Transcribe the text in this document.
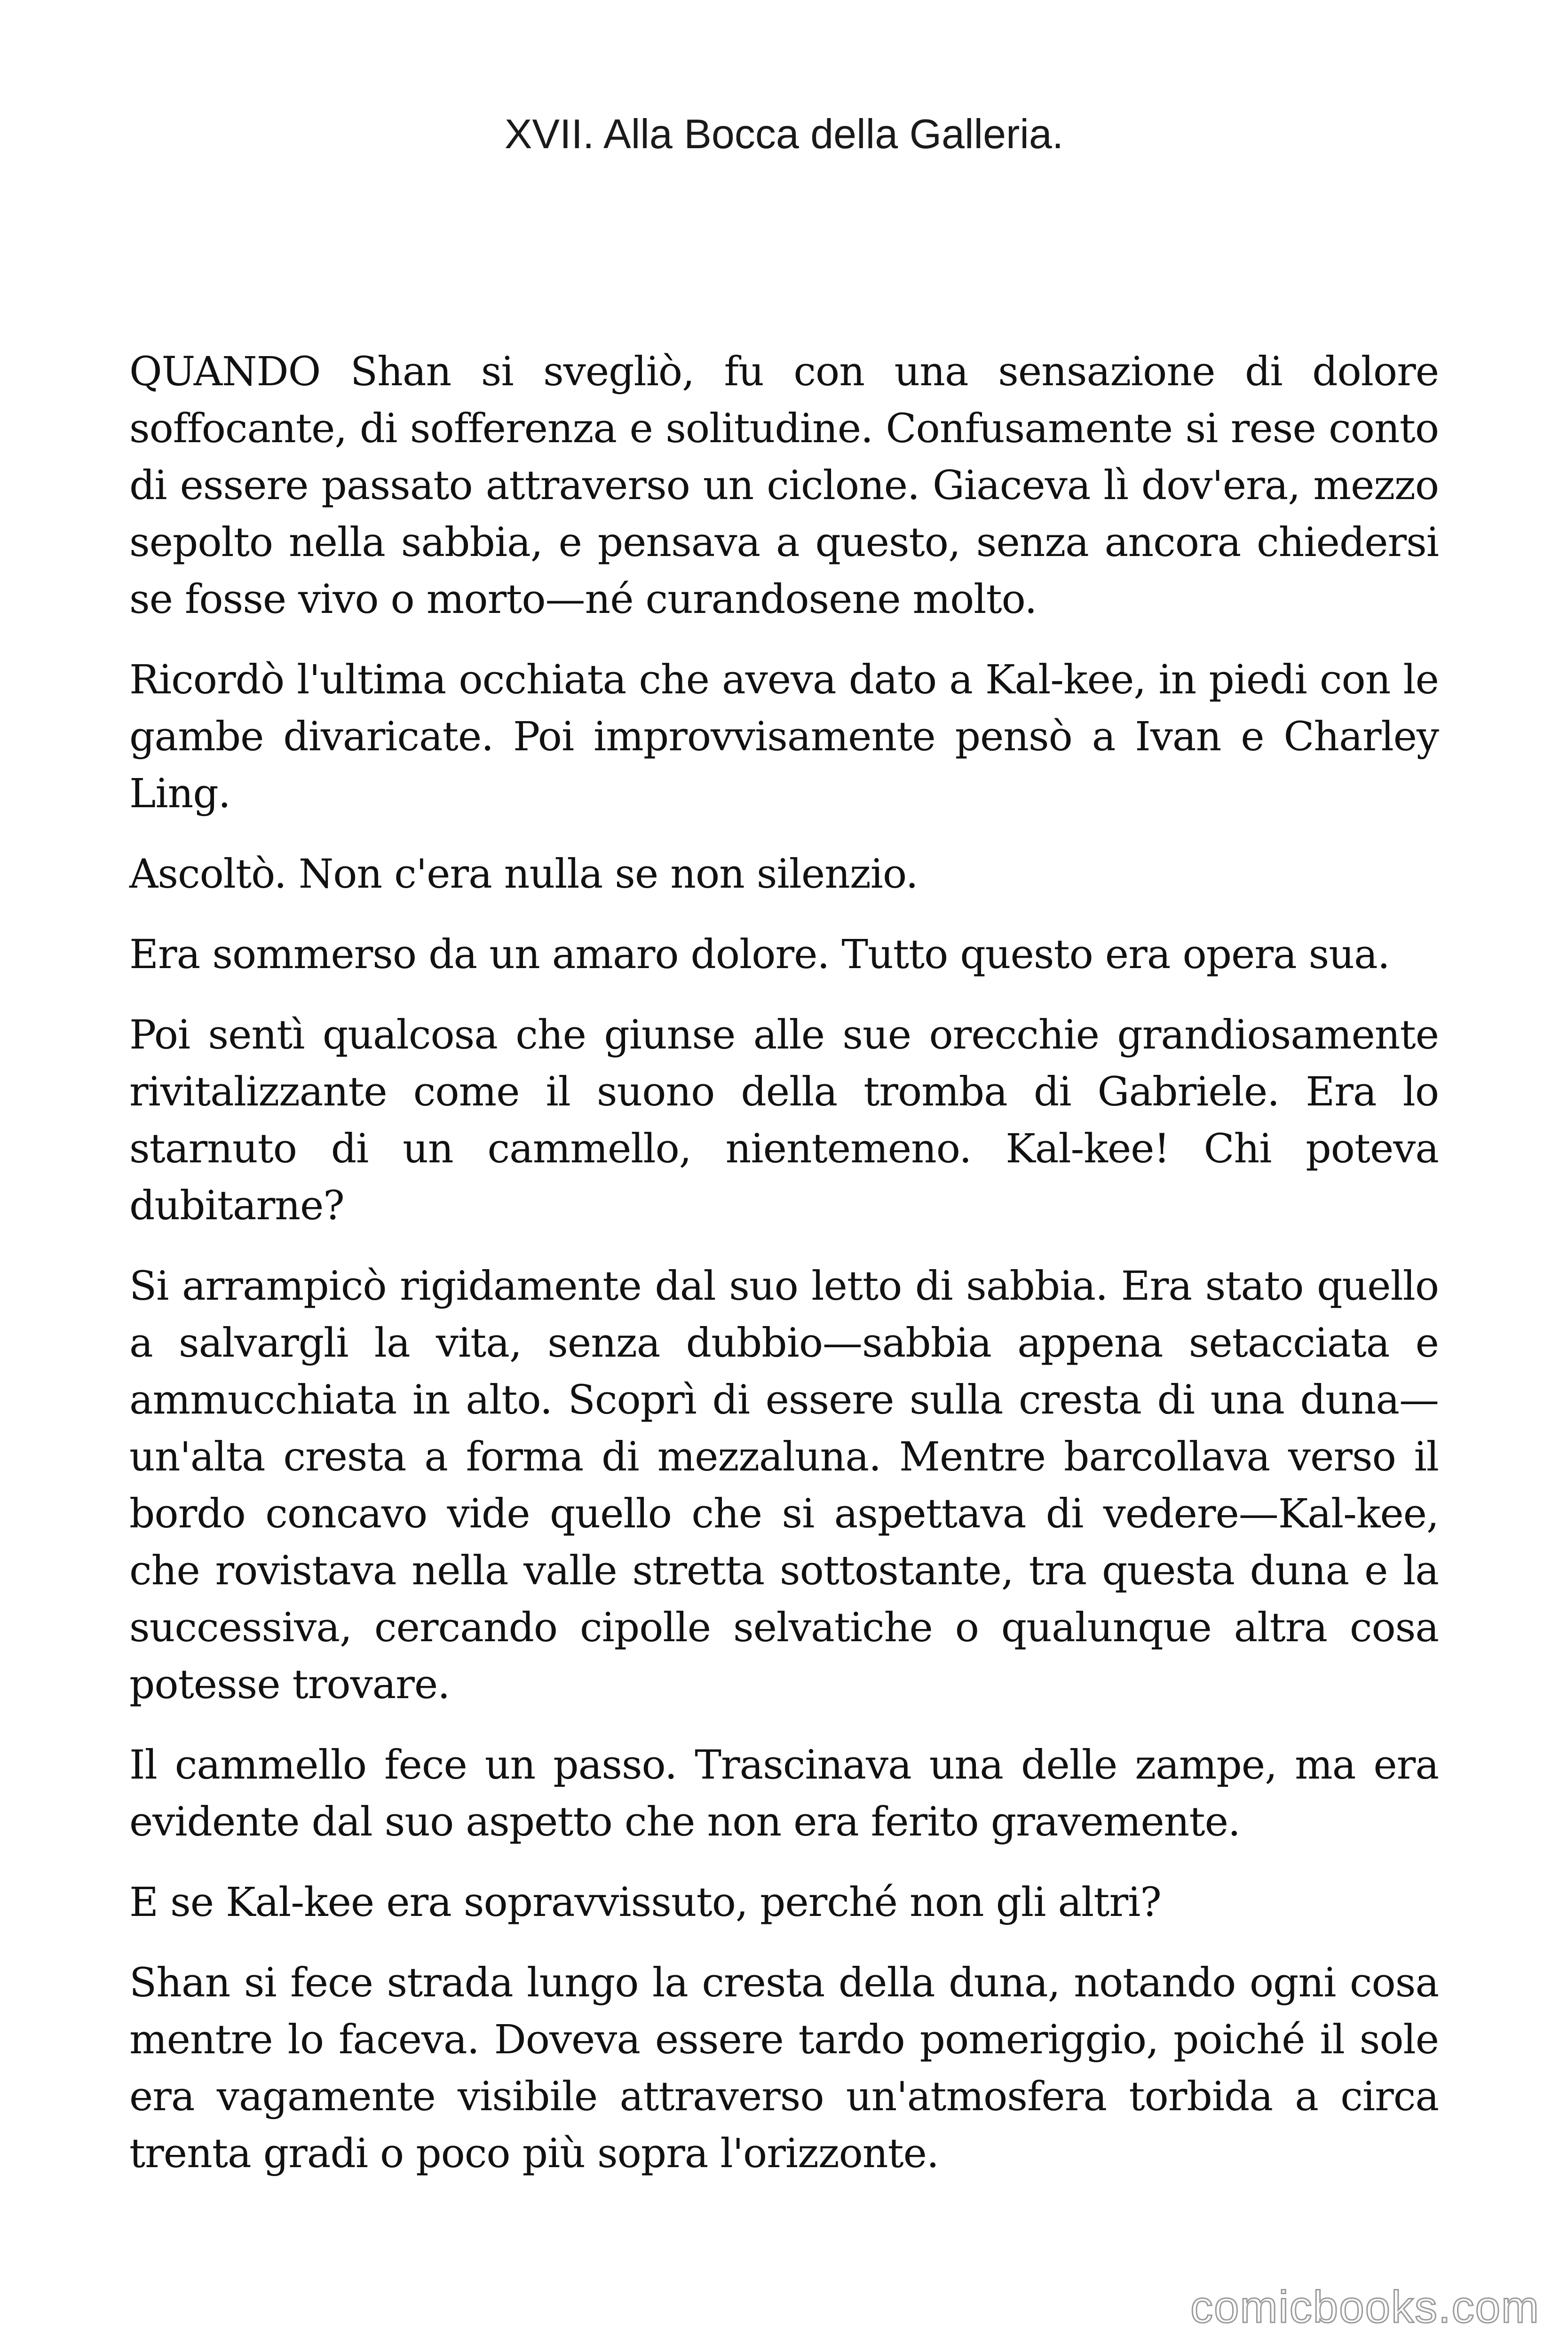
XVII. Alla Bocca della Galleria.

QUANDO Shan si svegliò, fu con una sensazione di dolore soffocante, di sofferenza e solitudine. Confusamente si rese conto di essere passato attraverso un ciclone. Giaceva lì dov'era, mezzo sepolto nella sabbia, e pensava a questo, senza ancora chiedersi se fosse vivo o morto—né curandosene molto.

Ricordò l'ultima occhiata che aveva dato a Kal-kee, in piedi con le gambe divaricate. Poi improvvisamente pensò a Ivan e Charley Ling.

Ascoltò. Non c'era nulla se non silenzio.

Era sommerso da un amaro dolore. Tutto questo era opera sua.

Poi sentì qualcosa che giunse alle sue orecchie grandiosamente rivitalizzante come il suono della tromba di Gabriele. Era lo starnuto di un cammello, nientemeno. Kal-kee! Chi poteva dubitarne?

Si arrampicò rigidamente dal suo letto di sabbia. Era stato quello a salvargli la vita, senza dubbio—sabbia appena setacciata e ammucchiata in alto. Scoprì di essere sulla cresta di una duna—un'alta cresta a forma di mezzaluna. Mentre barcollava verso il bordo concavo vide quello che si aspettava di vedere—Kal-kee, che rovistava nella valle stretta sottostante, tra questa duna e la successiva, cercando cipolle selvatiche o qualunque altra cosa potesse trovare.

Il cammello fece un passo. Trascinava una delle zampe, ma era evidente dal suo aspetto che non era ferito gravemente.

E se Kal-kee era sopravvissuto, perché non gli altri?

Shan si fece strada lungo la cresta della duna, notando ogni cosa mentre lo faceva. Doveva essere tardo pomeriggio, poiché il sole era vagamente visibile attraverso un'atmosfera torbida a circa trenta gradi o poco più sopra l'orizzonte.

comicbooks.com
